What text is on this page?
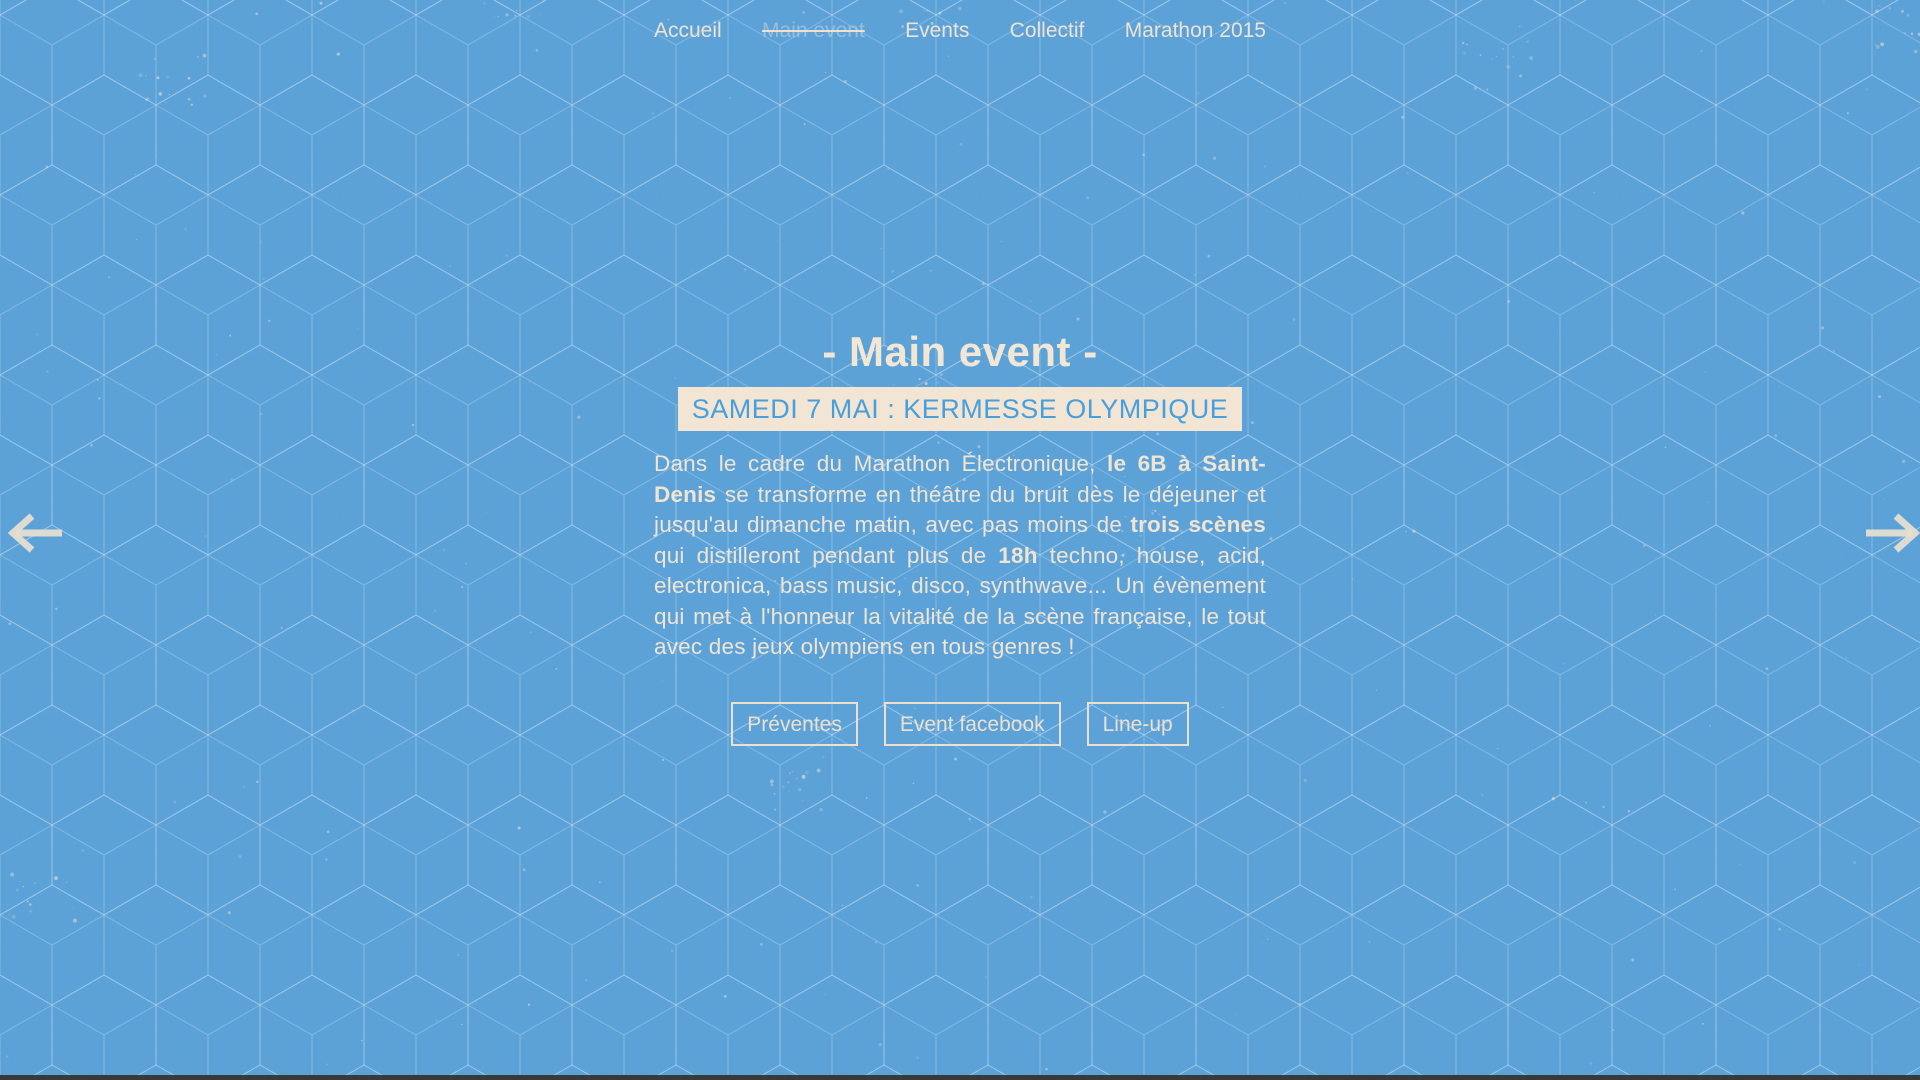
Accueil Main event Events Collectif Marathon 2015
- Main event -
SAMEDI 7 MAI : KERMESSE OLYMPIQUE

Dans le cadre du Marathon Électronique, le 6B à Saint-Denis se transforme en théâtre du bruit dès le déjeuner et jusqu'au dimanche matin, avec pas moins de trois scènes qui distilleront pendant plus de 18h techno, house, acid, electronica, bass music, disco, synthwave... Un évènement qui met à l'honneur la vitalité de la scène française, le tout avec des jeux olympiens en tous genres !

Préventes	Event facebook	Line-up
